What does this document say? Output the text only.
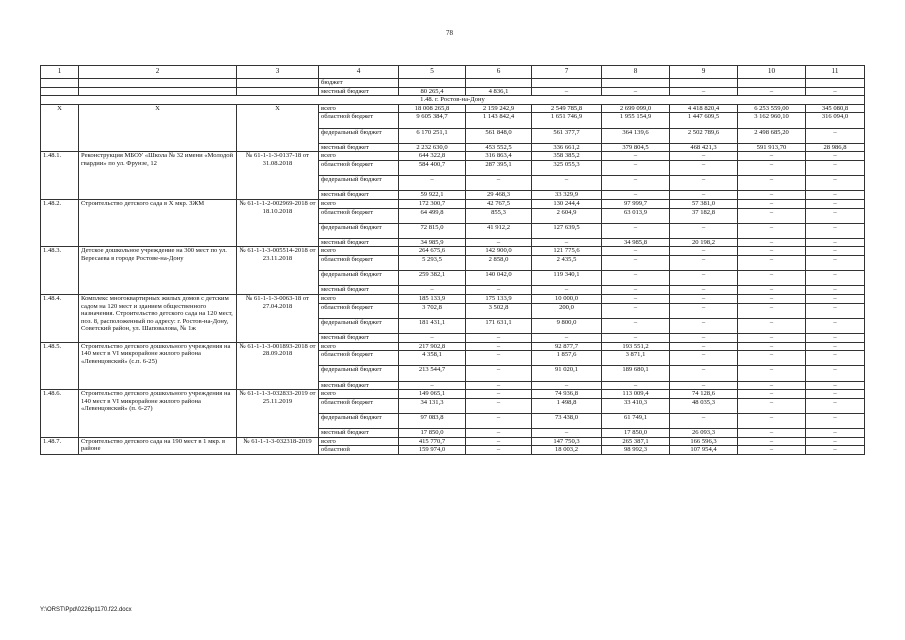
78
1	2	3	4	5	6	7	8	9	10	11
			бюджет							
			местный бюджет	80 265,4	4 836,1	–	–	–	–	–
1.48. г. Ростов-на-Дону										
Х	Х	Х	всего	18 008 265,8	2 159 242,9	2 549 785,8	2 699 099,0	4 418 820,4	6 253 559,00	345 080,8
			областной бюджет	9 605 384,7	1 143 842,4	1 651 746,9	1 955 154,9	1 447 609,5	3 162 960,10	316 094,0
			федеральный бюджет	6 170 251,1	561 848,0	561 377,7	364 139,6	2 502 789,6	2 498 685,20	–
			местный бюджет	2 232 630,0	453 552,5	336 661,2	379 804,5	468 421,3	591 913,70	28 986,8
1.48.1.	Реконструкция МБОУ «Школа № 32 имени «Молодой гвардии» по ул. Фрунзе, 12	№ 61-1-1-3-0137-18 от 31.08.2018	всего	644 322,8	316 863,4	358 385,2	–	–	–	–
			областной бюджет	584 400,7	287 395,1	325 055,3	–	–	–	–
			федеральный бюджет	–	–	–	–	–	–	–
			местный бюджет	59 922,1	29 468,3	33 329,9	–	–	–	–
1.48.2.	Строительство детского сада в Х мкр. ЗЖМ	№ 61-1-1-2-002969-2018 от 18.10.2018	всего	172 300,7	42 767,5	130 244,4	97 999,7	57 381,0	–	–
			областной бюджет	64 499,8	855,3	2 604,9	63 013,9	37 182,8	–	–
			федеральный бюджет	72 815,0	41 912,2	127 639,5	–	–	–	–
			местный бюджет	34 985,9	–	–	34 985,8	20 198,2	–	–
1.48.3.	Детское дошкольное учреждение на 300 мест по ул. Вересаева в городе Ростове-на-Дону	№ 61-1-1-3-005514-2018 от 23.11.2018	всего	264 675,6	142 900,0	121 775,6	–	–	–	–
			областной бюджет	5 293,5	2 858,0	2 435,5	–	–	–	–
			федеральный бюджет	259 382,1	140 042,0	119 340,1	–	–	–	–
			местный бюджет	–	–	–	–	–	–	–
1.48.4.	Комплекс многоквартирных жилых домов с детским садом на 120 мест и зданием общественного назначения. Строительство детского сада на 120 мест, поз. 8, расположенный по адресу: г. Ростов-на-Дону, Советский район, ул. Шаповалова, № 1ж	№ 61-1-1-3-0063-18 от 27.04.2018	всего	185 133,9	175 133,9	10 000,0	–	–	–	–
			областной бюджет	3 702,8	3 502,8	200,0	–	–	–	–
			федеральный бюджет	181 431,1	171 631,1	9 800,0	–	–	–	–
			местный бюджет	–	–	–	–	–	–	–
1.48.5.	Строительство детского дошкольного учреждения на 140 мест в VI микрорайоне жилого района «Левенцовский» (с.п. 6-25)	№ 61-1-1-3-001893-2018 от 28.09.2018	всего	217 902,8	–	92 877,7	193 551,2	–	–	–
			областной бюджет	4 358,1	–	1 857,6	3 871,1	–	–	–
			федеральный бюджет	213 544,7	–	91 020,1	189 680,1	–	–	–
			местный бюджет	–	–	–	–	–	–	–
1.48.6.	Строительство детского дошкольного учреждения на 140 мест в VI микрорайоне жилого района «Левенцовский» (п. 6-27)	№ 61-1-1-3-032833-2019 от 25.11.2019	всего	149 065,1	–	74 936,8	113 009,4	74 128,6	–	–
			областной бюджет	34 131,3	–	1 498,8	33 410,3	48 035,3	–	–
			федеральный бюджет	97 083,8	–	73 438,0	61 749,1	–	–	–
			местный бюджет	17 850,0	–	–	17 850,0	26 093,3	–	–
1.48.7.	Строительство детского сада на 190 мест в 1 мкр. в районе	№ 61-1-1-3-032318-2019	всего	415 770,7	–	147 750,3	265 387,1	166 596,3	–	–
			областной	159 974,0	–	18 003,2	98 992,3	107 954,4	–	–
Y:\ORST\Ppd\0226p1170.f22.docx
